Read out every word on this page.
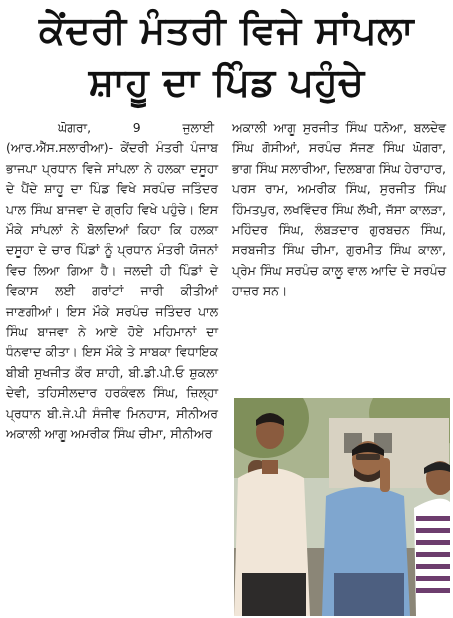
ਕੇਂਦਰੀ ਮੰਤਰੀ ਵਿਜੇ ਸਾਂਪਲਾ
ਸ਼ਾਹੂ ਦਾ ਪਿੰਡ ਪਹੁੰਚੇ
ਘੋਗਰਾ,	9	ਜੁਲਾਈ

(ਆਰ.ਐੱਸ.ਸਲਾਰੀਆ)- ਕੇਂਦਰੀ ਮੰਤਰੀ ਪੰਜਾਬ ਭਾਜਪਾ ਪ੍ਰਧਾਨ ਵਿਜੇ ਸਾਂਪਲਾ ਨੇ ਹਲਕਾ ਦਸੂਹਾ ਦੇ ਪੈਂਦੇ ਸ਼ਾਹੂ ਦਾ ਪਿੰਡ ਵਿਖੇ ਸਰਪੰਚ ਜਤਿੰਦਰ ਪਾਲ ਸਿੰਘ ਬਾਜਵਾ ਦੇ ਗ੍ਰਹਿ ਵਿਖੇ ਪਹੁੰਚੇ। ਇਸ ਮੌਕੇ ਸਾਂਪਲਾਂ ਨੇ ਬੋਲਦਿਆਂ ਕਿਹਾ ਕਿ ਹਲਕਾ ਦਸੂਹਾ ਦੇ ਚਾਰ ਪਿੰਡਾਂ ਨੂੰ ਪ੍ਰਧਾਨ ਮੰਤਰੀ ਯੋਜਨਾਂ ਵਿਚ ਲਿਆ ਗਿਆ ਹੈ। ਜਲਦੀ ਹੀ ਪਿੰਡਾਂ ਦੇ ਵਿਕਾਸ ਲਈ ਗਰਾਂਟਾਂ ਜਾਰੀ ਕੀਤੀਆਂ ਜਾਣਗੀਆਂ। ਇਸ ਮੌਕੇ ਸਰਪੰਚ ਜਤਿੰਦਰ ਪਾਲ ਸਿੰਘ ਬਾਜਵਾ ਨੇ ਆਏ ਹੋਏ ਮਹਿਮਾਨਾਂ ਦਾ ਧੰਨਵਾਦ ਕੀਤਾ। ਇਸ ਮੌਕੇ ਤੇ ਸਾਬਕਾ ਵਿਧਾਇਕ ਬੀਬੀ ਸੁਖਜੀਤ ਕੌਰ ਸ਼ਾਹੀ, ਬੀ.ਡੀ.ਪੀ.ਓ ਸ਼ੁਕਲਾ ਦੇਵੀ, ਤਹਿਸੀਲਦਾਰ ਹਰਕੰਵਲ ਸਿੰਘ, ਜ਼ਿਲ੍ਹਾ ਪ੍ਰਧਾਨ ਬੀ.ਜੇ.ਪੀ ਸੰਜੀਵ ਮਿਨਹਾਸ, ਸੀਨੀਅਰ ਅਕਾਲੀ ਆਗੂ ਅਮਰੀਕ ਸਿੰਘ ਚੀਮਾ, ਸੀਨੀਅਰ

ਅਕਾਲੀ ਆਗੂ ਸੁਰਜੀਤ ਸਿੰਘ ਧਨੋਆ, ਬਲਦੇਵ ਸਿੰਘ ਗੋਸੀਆਂ, ਸਰਪੰਚ ਸੱਜਣ ਸਿੰਘ ਘੋਗਰਾ, ਭਾਗ ਸਿੰਘ ਸਲਾਰੀਆ, ਦਿਲਬਾਗ ਸਿੰਘ ਹੇਰਾਹਾਰ, ਪਰਸ ਰਾਮ, ਅਮਰੀਕ ਸਿੰਘ, ਸੁਰਜੀਤ ਸਿੰਘ ਹਿੰਮਤਪੁਰ, ਲਖਵਿੰਦਰ ਸਿੰਘ ਲੱਖੀ, ਜੱਸਾ ਕਾਲੜਾ, ਮਹਿੰਦਰ ਸਿੰਘ, ਲੰਬੜਦਾਰ ਗੁਰਬਚਨ ਸਿੰਘ, ਸਰਬਜੀਤ ਸਿੰਘ ਚੀਮਾ, ਗੁਰਮੀਤ ਸਿੰਘ ਕਾਲਾ, ਪ੍ਰੇਮ ਸਿੰਘ ਸਰਪੰਚ ਕਾਲੂ ਵਾਲ ਆਦਿ ਦੇ ਸਰਪੰਚ ਹਾਜ਼ਰ ਸਨ।
